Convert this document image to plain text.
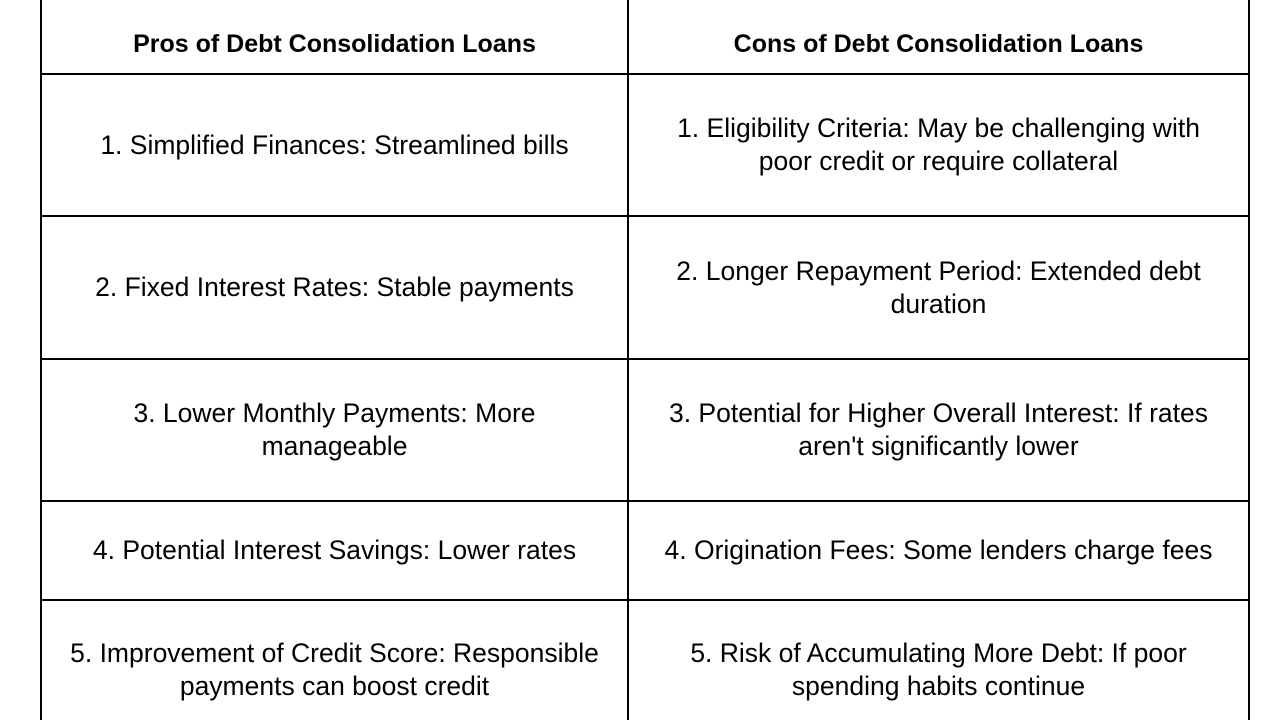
Pros of Debt Consolidation Loans	Cons of Debt Consolidation Loans
1. Simplified Finances: Streamlined bills	1. Eligibility Criteria: May be challenging with poor credit or require collateral
2. Fixed Interest Rates: Stable payments	2. Longer Repayment Period: Extended debt duration
3. Lower Monthly Payments: More manageable	3. Potential for Higher Overall Interest: If rates aren't significantly lower
4. Potential Interest Savings: Lower rates	4. Origination Fees: Some lenders charge fees
5. Improvement of Credit Score: Responsible payments can boost credit	5. Risk of Accumulating More Debt: If poor spending habits continue
